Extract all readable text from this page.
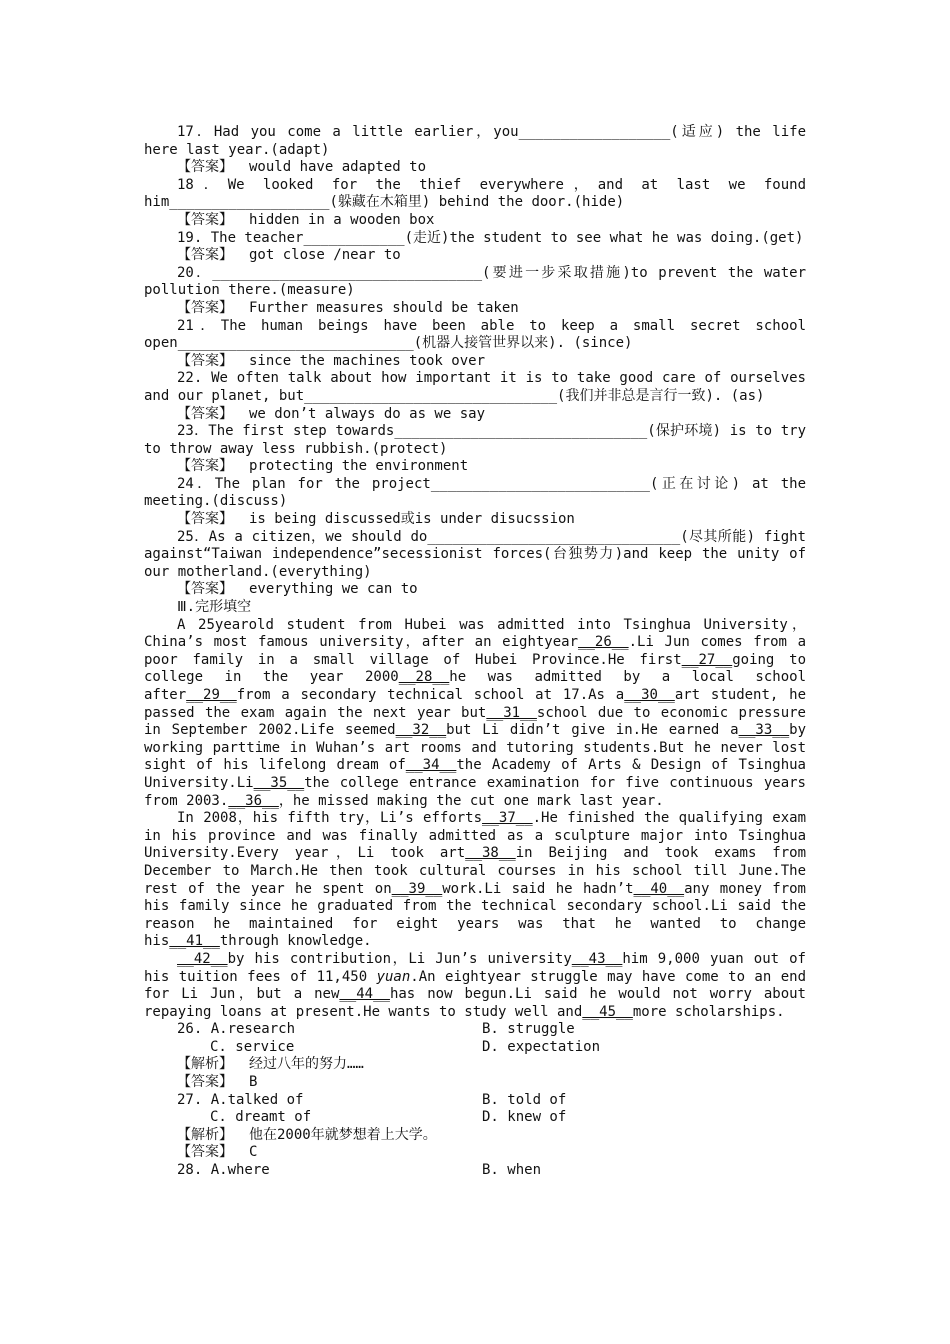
17．Had you come a little earlier，you__________________(适应) the life here last year.(adapt)
【答案】 would have adapted to
18．We looked for the thief everywhere，and at last we found him___________________(躲藏在木箱里) behind the door.(hide)
【答案】 hidden in a wooden box
19. The teacher____________(走近)the student to see what he was doing.(get)
【答案】 got close /near to
20．________________________________(要进一步采取措施)to prevent the water pollution there.(measure)
【答案】 Further measures should be taken
21．The human beings have been able to keep a small secret school open____________________________(机器人接管世界以来). (since)
【答案】 since the machines took over
22. We often talk about how important it is to take good care of ourselves and our planet, but______________________________(我们并非总是言行一致). (as)
【答案】 we don’t always do as we say
23．The first step towards______________________________(保护环境) is to try to throw away less rubbish.(protect)
【答案】 protecting the environment
24．The plan for the project__________________________(正在讨论) at the meeting.(discuss)
【答案】 is being discussed或is under disucssion
25．As a citizen，we should do______________________________(尽其所能) fight against“Taiwan independence”secessionist forces(台独势力)and keep the unity of our motherland.(everything)
【答案】 everything we can to
Ⅲ.完形填空
A 25yearold student from Hubei was admitted into Tsinghua University，China’s most famous university，after an eightyear__26__.Li Jun comes from a poor family in a small village of Hubei Province.He first__27__going to college in the year 2000__28__he was admitted by a local school after__29__from a secondary technical school at 17.As a__30__art student, he passed the exam again the next year but__31__school due to economic pressure in September 2002.Life seemed__32__but Li didn’t give in.He earned a__33__by working parttime in Wuhan’s art rooms and tutoring students.But he never lost sight of his lifelong dream of__34__the Academy of Arts & Design of Tsinghua University.Li__35__the college entrance examination for five continuous years from 2003.__36__，he missed making the cut one mark last year.
In 2008，his fifth try，Li’s efforts__37__.He finished the qualifying exam in his province and was finally admitted as a sculpture major into Tsinghua University.Every year，Li took art__38__in Beijing and took exams from December to March.He then took cultural courses in his school till June.The rest of the year he spent on__39__work.Li said he hadn’t__40__any money from his family since he graduated from the technical secondary school.Li said the reason he maintained for eight years was that he wanted to change his__41__through knowledge.
__42__by his contribution，Li Jun’s university__43__him 9,000 yuan out of his tuition fees of 11,450 yuan.An eightyear struggle may have come to an end for Li Jun，but a new__44__has now begun.Li said he would not worry about repaying loans at present.He wants to study well and__45__more scholarships.
26. A.research	B. struggle
C. service	D. expectation
【解析】 经过八年的努力……
【答案】 B
27. A.talked of	B. told of
C. dreamt of	D. knew of
【解析】 他在2000年就梦想着上大学。
【答案】 C
28. A.where	B. when
